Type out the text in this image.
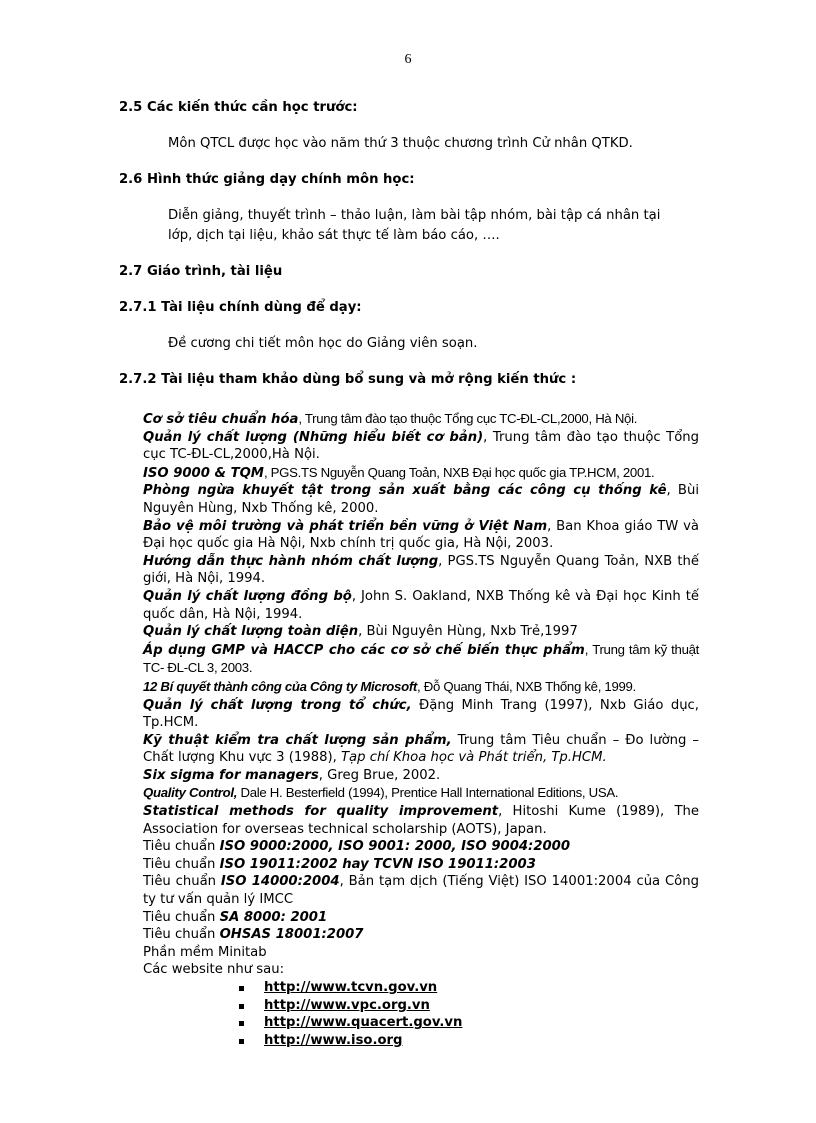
6

2.5 Các kiến thức cần học trước:

Môn QTCL được học vào năm thứ 3 thuộc chương trình Cử nhân QTKD.

2.6 Hình thức giảng dạy chính môn học:

Diễn giảng, thuyết trình – thảo luận, làm bài tập nhóm, bài tập cá nhân tại

lớp, dịch tại liệu, khảo sát thực tế làm báo cáo, ….

2.7 Giáo trình, tài liệu

2.7.1 Tài liệu chính dùng để dạy:

Đề cương chi tiết môn học do Giảng viên soạn.

2.7.2 Tài liệu tham khảo dùng bổ sung và mở rộng kiến thức :

Cơ sở tiêu chuẩn hóa, Trung tâm đào tạo thuộc Tổng cục TC-ĐL-CL,2000, Hà Nội.

Quản lý chất lượng (Những hiểu biết cơ bản), Trung tâm đào tạo thuộc Tổng cục TC-ĐL-CL,2000,Hà Nội.

ISO 9000 & TQM, PGS.TS Nguyễn Quang Toản, NXB Đại học quốc gia TP.HCM, 2001.

Phòng ngừa khuyết tật trong sản xuất bằng các công cụ thống kê, Bùi Nguyên Hùng, Nxb Thống kê, 2000.

Bảo vệ môi trường và phát triển bền vững ở Việt Nam, Ban Khoa giáo TW và Đại học quốc gia Hà Nội, Nxb chính trị quốc gia, Hà Nội, 2003.

Hướng dẫn thực hành nhóm chất lượng, PGS.TS Nguyễn Quang Toản, NXB thế giới, Hà Nội, 1994.

Quản lý chất lượng đồng bộ, John S. Oakland, NXB Thống kê và Đại học Kinh tế quốc dân, Hà Nội, 1994.

Quản lý chất lượng toàn diện, Bùi Nguyên Hùng, Nxb Trẻ,1997

Áp dụng GMP và HACCP cho các cơ sở chế biến thực phẩm, Trung tâm kỹ thuật TC- ĐL-CL 3, 2003.

12 Bí quyết thành công của Công ty Microsoft, Đỗ Quang Thái, NXB Thống kê, 1999.

Quản lý chất lượng trong tổ chức, Đặng Minh Trang (1997), Nxb Giáo dục, Tp.HCM.

Kỹ thuật kiểm tra chất lượng sản phẩm, Trung tâm Tiêu chuẩn – Đo lường – Chất lượng Khu vực 3 (1988), Tạp chí Khoa học và Phát triển, Tp.HCM.

Six sigma for managers, Greg Brue, 2002.

Quality Control, Dale H. Besterfield (1994), Prentice Hall International Editions, USA.

Statistical methods for quality improvement, Hitoshi Kume (1989), The Association for overseas technical scholarship (AOTS), Japan.

Tiêu chuẩn ISO 9000:2000, ISO 9001: 2000, ISO 9004:2000

Tiêu chuẩn ISO 19011:2002 hay TCVN ISO 19011:2003

Tiêu chuẩn ISO 14000:2004, Bản tạm dịch (Tiếng Việt) ISO 14001:2004 của Công ty tư vấn quản lý IMCC

Tiêu chuẩn SA 8000: 2001

Tiêu chuẩn OHSAS 18001:2007

Phần mềm Minitab

Các website như sau:

http://www.tcvn.gov.vn
http://www.vpc.org.vn
http://www.quacert.gov.vn
http://www.iso.org
